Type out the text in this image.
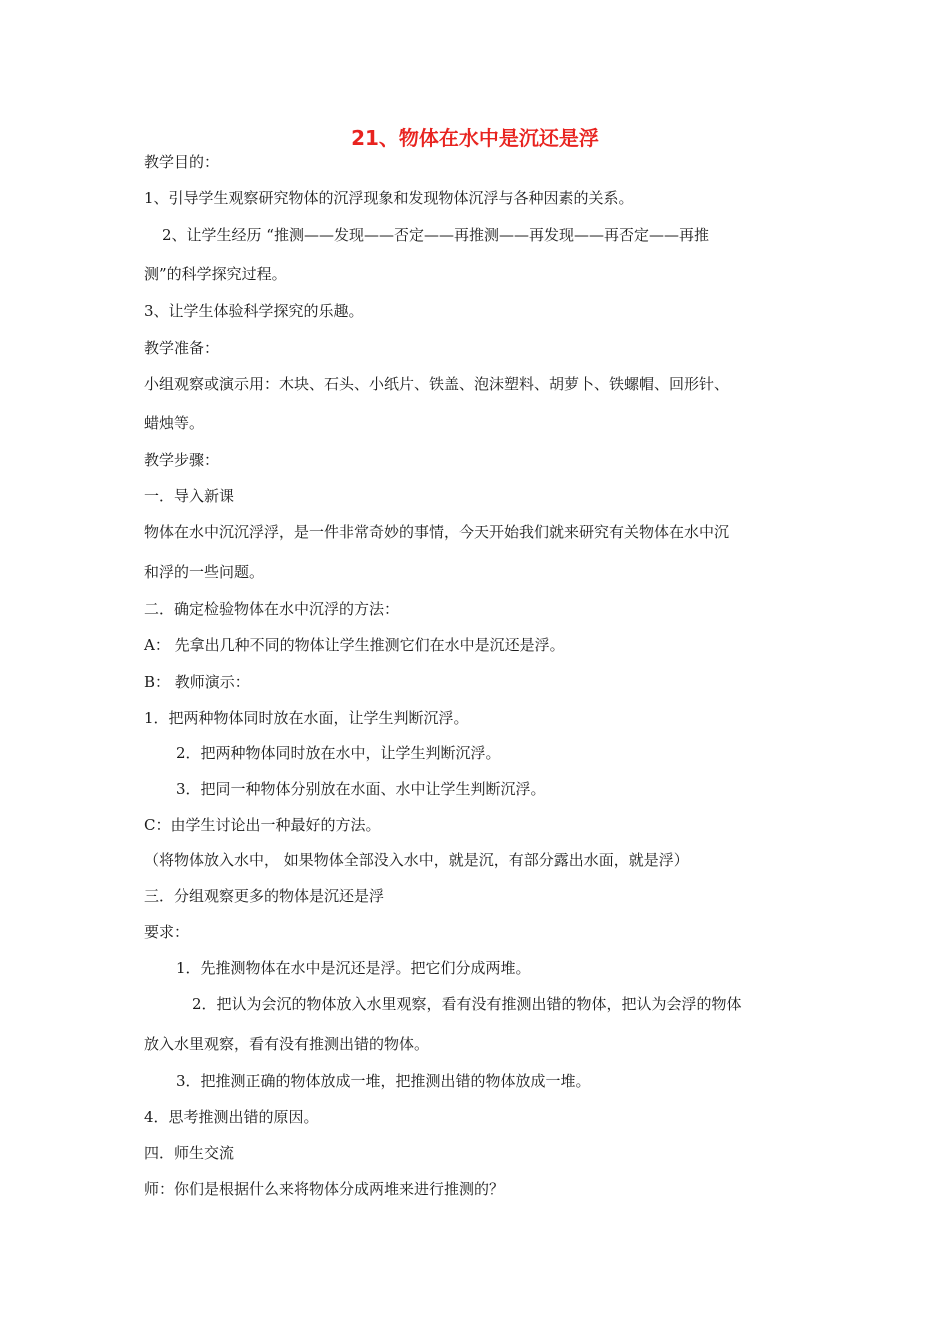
21、物体在水中是沉还是浮
教学目的：
1、引导学生观察研究物体的沉浮现象和发现物体沉浮与各种因素的关系。
2、让学生经历 “推测——发现——否定——再推测——再发现——再否定——再推
测”的科学探究过程。
3、让学生体验科学探究的乐趣。
教学准备：
小组观察或演示用：木块、石头、小纸片、铁盖、泡沫塑料、胡萝卜、铁螺帽、回形针、
蜡烛等。
教学步骤：
一．导入新课
物体在水中沉沉浮浮，是一件非常奇妙的事情，今天开始我们就来研究有关物体在水中沉
和浮的一些问题。
二．确定检验物体在水中沉浮的方法：
A： 先拿出几种不同的物体让学生推测它们在水中是沉还是浮。
B： 教师演示：
1．把两种物体同时放在水面，让学生判断沉浮。
2．把两种物体同时放在水中，让学生判断沉浮。
3．把同一种物体分别放在水面、水中让学生判断沉浮。
C：由学生讨论出一种最好的方法。
（将物体放入水中， 如果物体全部没入水中，就是沉，有部分露出水面，就是浮）
三．分组观察更多的物体是沉还是浮
要求：
1．先推测物体在水中是沉还是浮。把它们分成两堆。
2．把认为会沉的物体放入水里观察，看有没有推测出错的物体，把认为会浮的物体
放入水里观察，看有没有推测出错的物体。
3．把推测正确的物体放成一堆，把推测出错的物体放成一堆。
4．思考推测出错的原因。
四．师生交流
师：你们是根据什么来将物体分成两堆来进行推测的？
